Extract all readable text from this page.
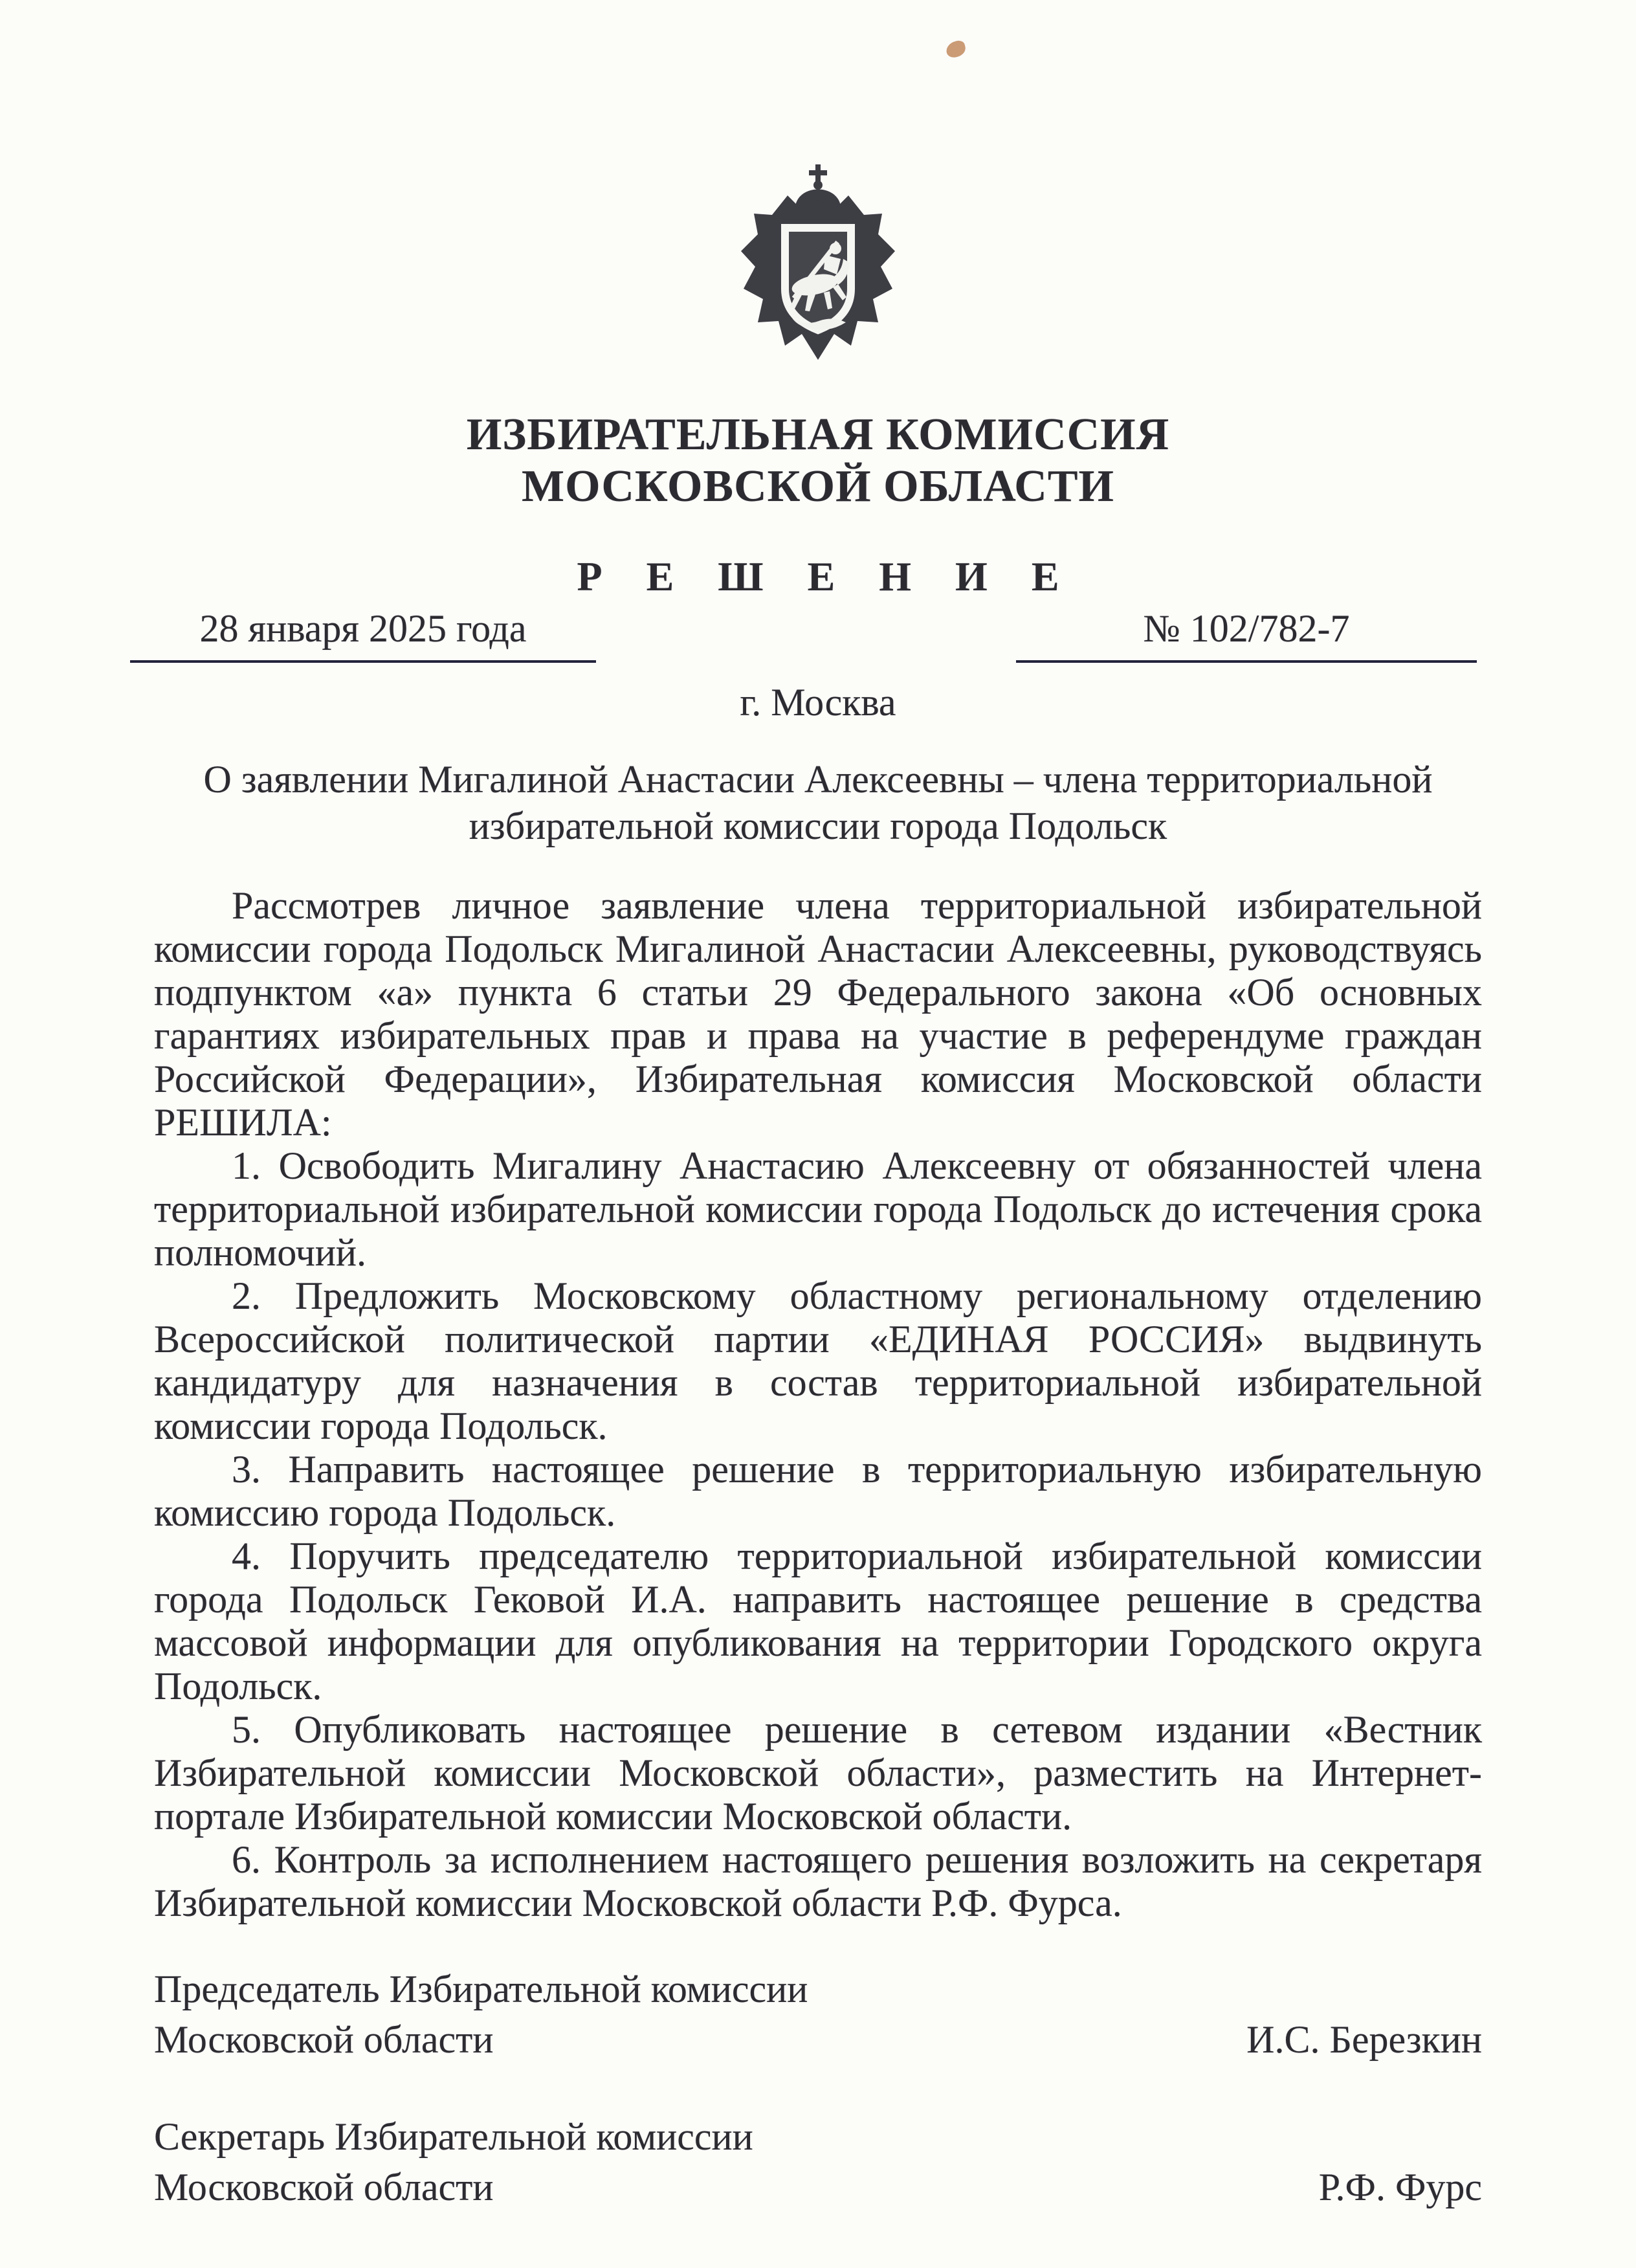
ИЗБИРАТЕЛЬНАЯ КОМИССИЯ
МОСКОВСКОЙ ОБЛАСТИ
Р Е Ш Е Н И Е
28 января 2025 года	№ 102/782-7
г. Москва
О заявлении Мигалиной Анастасии Алексеевны – члена территориальной
избирательной комиссии города Подольск

Рассмотрев личное заявление члена территориальной избирательной комиссии города Подольск Мигалиной Анастасии Алексеевны, руководствуясь подпунктом «а» пункта 6 статьи 29 Федерального закона «Об основных гарантиях избирательных прав и права на участие в референдуме граждан Российской Федерации», Избирательная комиссия Московской области РЕШИЛА:

1. Освободить Мигалину Анастасию Алексеевну от обязанностей члена территориальной избирательной комиссии города Подольск до истечения срока полномочий.

2. Предложить Московскому областному региональному отделению Всероссийской политической партии «ЕДИНАЯ РОССИЯ» выдвинуть кандидатуру для назначения в состав территориальной избирательной комиссии города Подольск.

3. Направить настоящее решение в территориальную избирательную комиссию города Подольск.

4. Поручить председателю территориальной избирательной комиссии города Подольск Гековой И.А. направить настоящее решение в средства массовой информации для опубликования на территории Городского округа Подольск.

5. Опубликовать настоящее решение в сетевом издании «Вестник Избирательной комиссии Московской области», разместить на Интернет-портале Избирательной комиссии Московской области.

6. Контроль за исполнением настоящего решения возложить на секретаря Избирательной комиссии Московской области Р.Ф. Фурса.

Председатель Избирательной комиссии
Московской области	И.С. Березкин
Секретарь Избирательной комиссии
Московской области	Р.Ф. Фурс
